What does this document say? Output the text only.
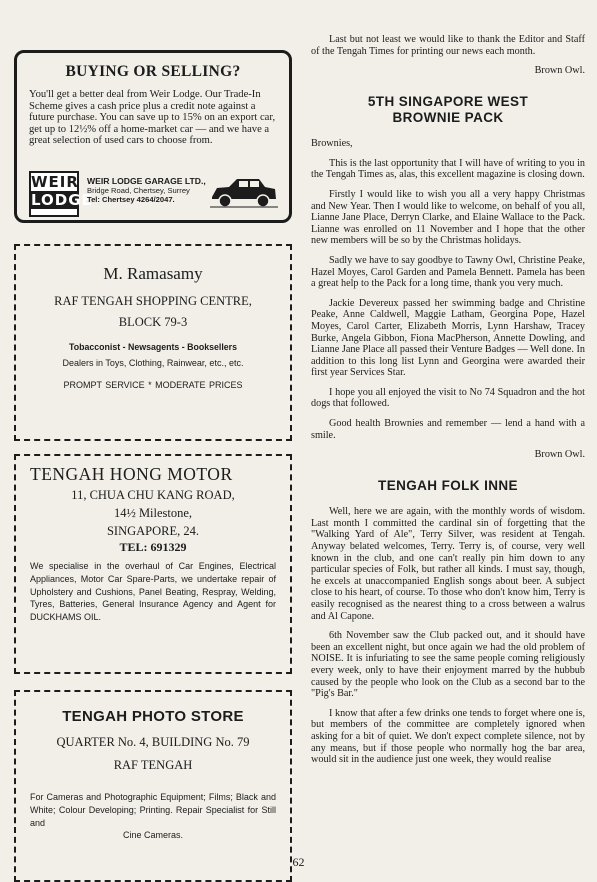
BUYING OR SELLING?
You'll get a better deal from Weir Lodge. Our Trade-In Scheme gives a cash price plus a credit note against a future purchase. You can save up to 15% on an export car, get up to 12½% off a home-market car — and we have a great selection of used cars to choose from.
WEIR
LODGE
WEIR LODGE GARAGE LTD.,
Bridge Road, Chertsey, Surrey
Tel: Chertsey 4264/2047.
M. Ramasamy
RAF TENGAH SHOPPING CENTRE,
BLOCK 79-3
Tobacconist - Newsagents - Booksellers
Dealers in Toys, Clothing, Rainwear, etc., etc.
PROMPT SERVICE * MODERATE PRICES
TENGAH HONG MOTOR
11, CHUA CHU KANG ROAD,
14½ Milestone,
SINGAPORE, 24.
TEL: 691329
We specialise in the overhaul of Car Engines, Electrical Appliances, Motor Car Spare-Parts, we undertake repair of Upholstery and Cushions, Panel Beating, Respray, Welding, Tyres, Batteries, General Insurance Agency and Agent for DUCKHAMS OIL.
TENGAH PHOTO STORE
QUARTER No. 4, BUILDING No. 79
RAF TENGAH
For Cameras and Photographic Equipment; Films; Black and White; Colour Developing; Printing. Repair Specialist for Still and
Cine Cameras.

Last but not least we would like to thank the Editor and Staff of the Tengah Times for printing our news each month.

Brown Owl.
5TH SINGAPORE WEST
BROWNIE PACK

Brownies,

This is the last opportunity that I will have of writing to you in the Tengah Times as, alas, this excellent magazine is closing down.

Firstly I would like to wish you all a very happy Christmas and New Year. Then I would like to welcome, on behalf of you all, Lianne Jane Place, Derryn Clarke, and Elaine Wallace to the Pack. Lianne was enrolled on 11 November and I hope that the other new members will be so by the Christmas holidays.

Sadly we have to say goodbye to Tawny Owl, Christine Peake, Hazel Moyes, Carol Garden and Pamela Bennett. Pamela has been a great help to the Pack for a long time, thank you very much.

Jackie Devereux passed her swimming badge and Christine Peake, Anne Caldwell, Maggie Latham, Georgina Pope, Hazel Moyes, Carol Carter, Elizabeth Morris, Lynn Harshaw, Tracey Burke, Angela Gibbon, Fiona MacPherson, Annette Dowling, and Lianne Jane Place all passed their Venture Badges — Well done. In addition to this long list Lynn and Georgina were awarded their first year Services Star.

I hope you all enjoyed the visit to No 74 Squadron and the hot dogs that followed.

Good health Brownies and remember — lend a hand with a smile.

Brown Owl.
TENGAH FOLK INNE

Well, here we are again, with the monthly words of wisdom. Last month I committed the cardinal sin of forgetting that the "Walking Yard of Ale", Terry Silver, was resident at Tengah. Anyway belated welcomes, Terry. Terry is, of course, very well known in the club, and one can't really pin him down to any particular species of Folk, but rather all kinds. I must say, though, he excels at unaccompanied English songs about beer. A subject close to his heart, of course. To those who don't know him, Terry is easily recognised as the nearest thing to a cross between a walrus and Al Capone.

6th November saw the Club packed out, and it should have been an excellent night, but once again we had the old problem of NOISE. It is infuriating to see the same people coming religiously every week, only to have their enjoyment marred by the hubbub caused by the people who look on the Club as a second bar to the "Pig's Bar."

I know that after a few drinks one tends to forget where one is, but members of the committee are completely ignored when asking for a bit of quiet. We don't expect complete silence, not by any means, but if those people who normally hog the bar area, would sit in the audience just one week, they would realise

62
